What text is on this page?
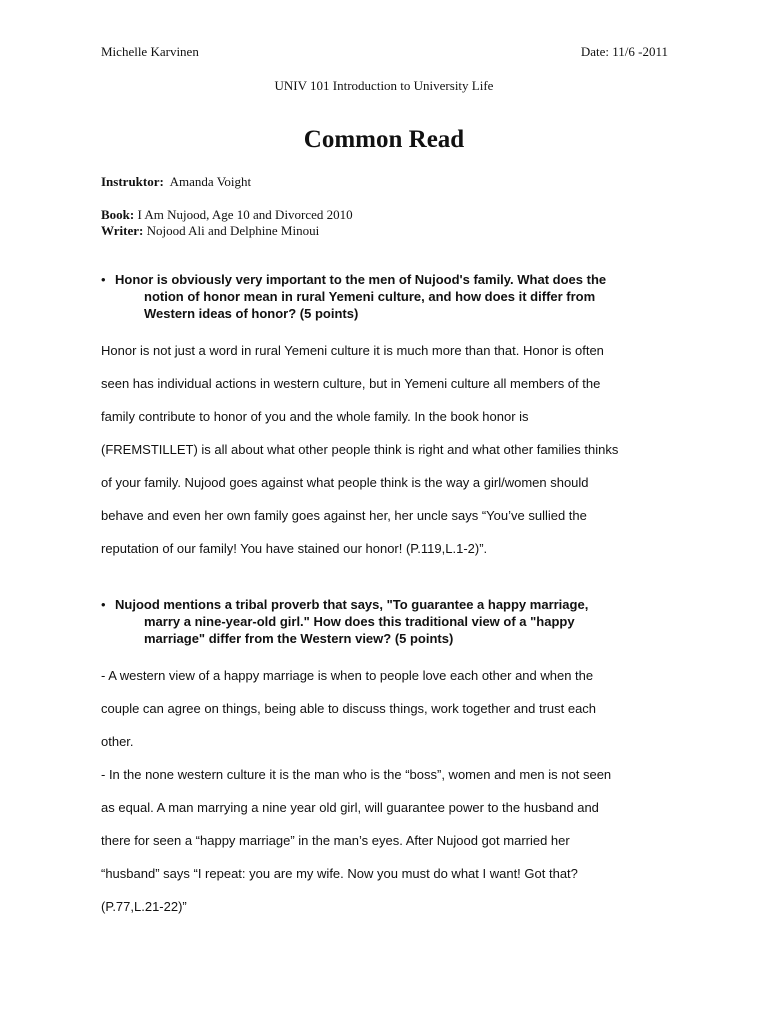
Michelle Karvinen	Date: 11/6 -2011
UNIV 101 Introduction to University Life
Common Read
Instruktor: Amanda Voight
Book: I Am Nujood, Age 10 and Divorced 2010
Writer: Nojood Ali and Delphine Minoui
• Honor is obviously very important to the men of Nujood's family. What does the
notion of honor mean in rural Yemeni culture, and how does it differ from
Western ideas of honor? (5 points)
Honor is not just a word in rural Yemeni culture it is much more than that. Honor is often
seen has individual actions in western culture, but in Yemeni culture all members of the
family contribute to honor of you and the whole family. In the book honor is
(FREMSTILLET) is all about what other people think is right and what other families thinks
of your family. Nujood goes against what people think is the way a girl/women should
behave and even her own family goes against her, her uncle says “You’ve sullied the
reputation of our family! You have stained our honor! (P.119,L.1-2)”.
• Nujood mentions a tribal proverb that says, "To guarantee a happy marriage,
marry a nine-year-old girl." How does this traditional view of a "happy
marriage" differ from the Western view? (5 points)
- A western view of a happy marriage is when to people love each other and when the
couple can agree on things, being able to discuss things, work together and trust each
other.
- In the none western culture it is the man who is the “boss”, women and men is not seen
as equal. A man marrying a nine year old girl, will guarantee power to the husband and
there for seen a “happy marriage” in the man’s eyes. After Nujood got married her
“husband” says “I repeat: you are my wife. Now you must do what I want! Got that?
(P.77,L.21-22)”
